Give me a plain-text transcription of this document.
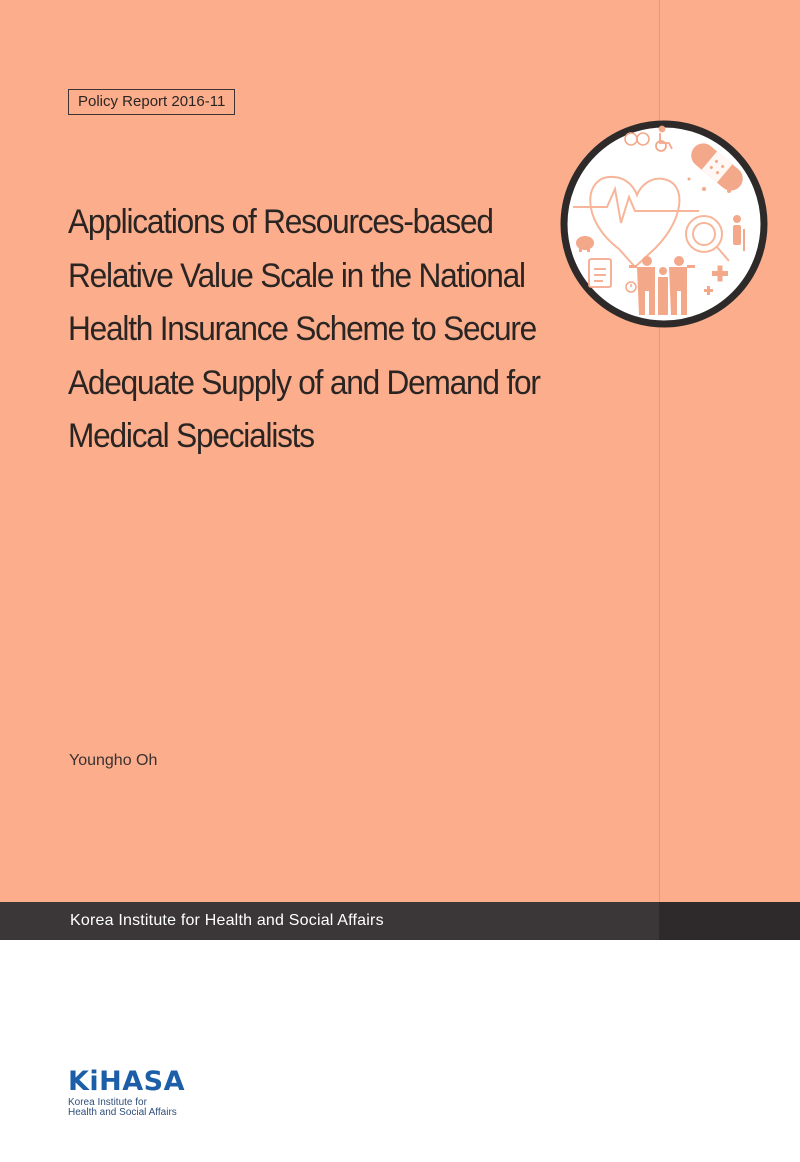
Policy Report 2016-11
Applications of Resources-based
Relative Value Scale in the National
Health Insurance Scheme to Secure
Adequate Supply of and Demand for
Medical Specialists
Youngho Oh
Korea Institute for Health and Social Affairs
KiHASA
Korea Institute for
Health and Social Affairs
